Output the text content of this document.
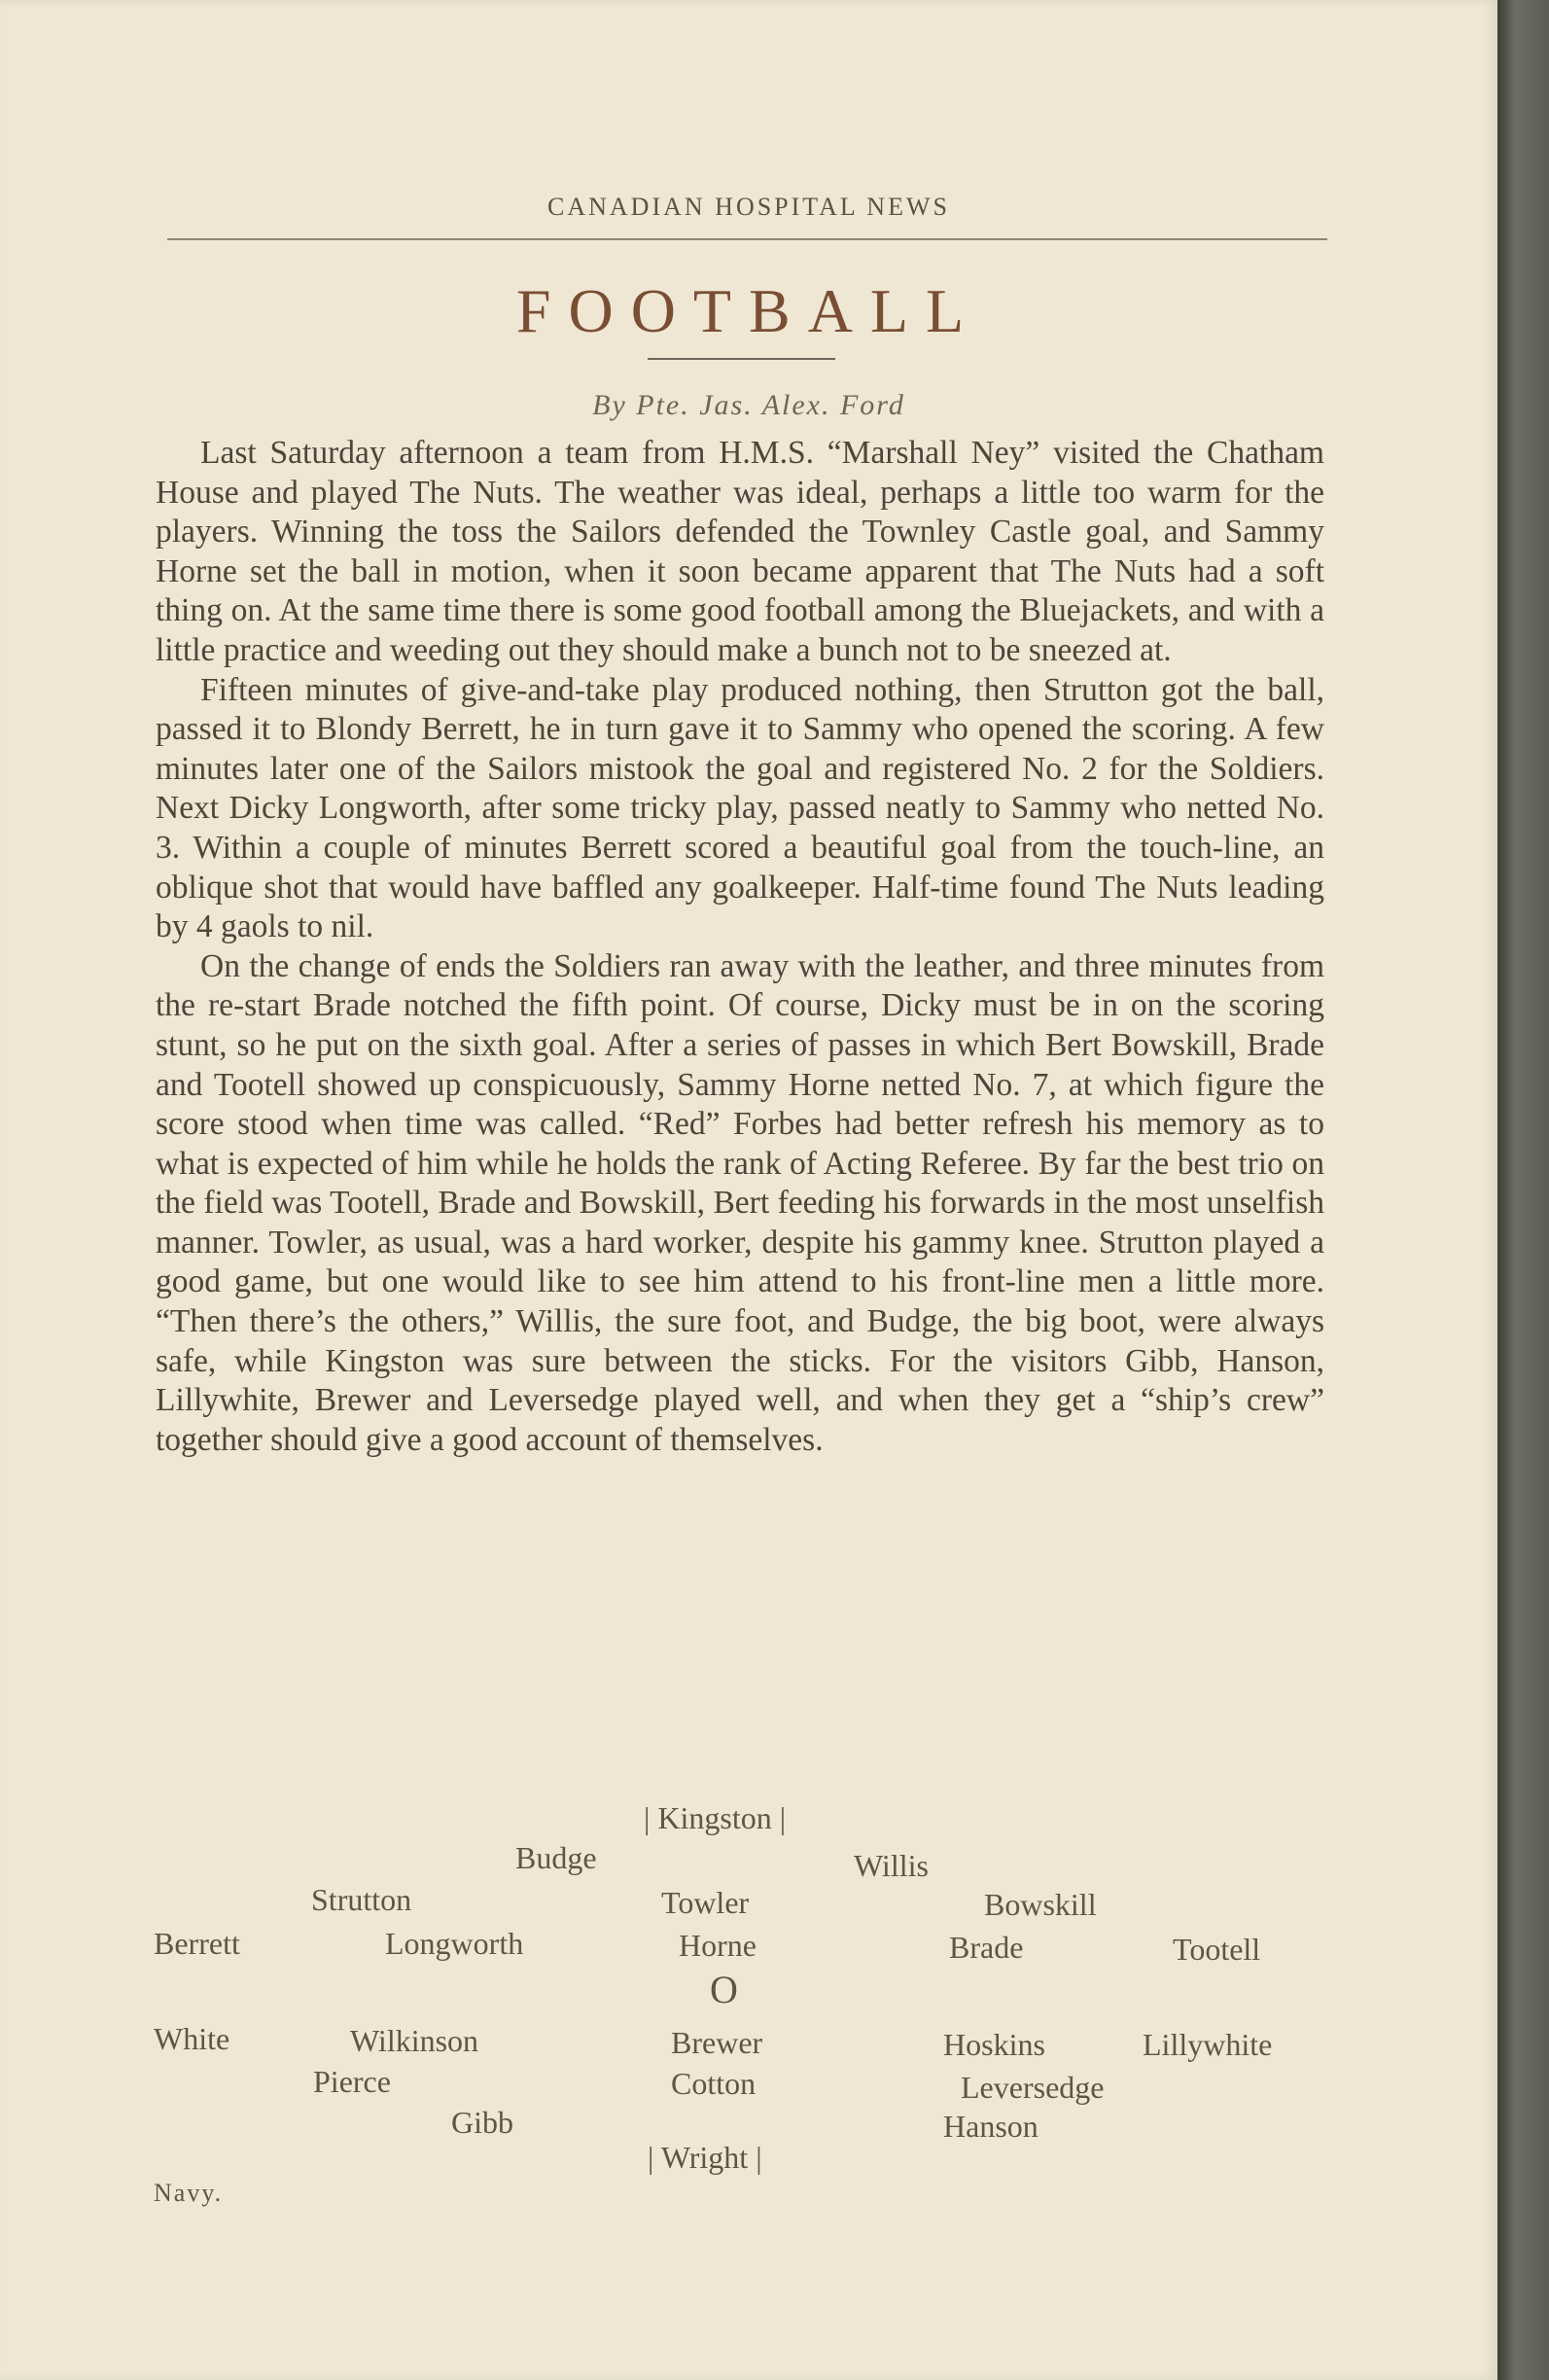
CANADIAN HOSPITAL NEWS
FOOTBALL
By Pte. Jas. Alex. Ford

Last Saturday afternoon a team from H.M.S. “Marshall Ney” visited the Chatham House and played The Nuts. The weather was ideal, perhaps a little too warm for the players. Winning the toss the Sailors defended the Townley Castle goal, and Sammy Horne set the ball in motion, when it soon became apparent that The Nuts had a soft thing on. At the same time there is some good football among the Bluejackets, and with a little practice and weeding out they should make a bunch not to be sneezed at.

Fifteen minutes of give-and-take play produced nothing, then Strutton got the ball, passed it to Blondy Berrett, he in turn gave it to Sammy who opened the scoring. A few minutes later one of the Sailors mistook the goal and registered No. 2 for the Soldiers. Next Dicky Longworth, after some tricky play, passed neatly to Sammy who netted No. 3. Within a couple of minutes Berrett scored a beautiful goal from the touch-line, an oblique shot that would have baffled any goalkeeper. Half-time found The Nuts leading by 4 gaols to nil.

On the change of ends the Soldiers ran away with the leather, and three minutes from the re-start Brade notched the fifth point. Of course, Dicky must be in on the scoring stunt, so he put on the sixth goal. After a series of passes in which Bert Bowskill, Brade and Tootell showed up conspicuously, Sammy Horne netted No. 7, at which figure the score stood when time was called. “Red” Forbes had better refresh his memory as to what is expected of him while he holds the rank of Acting Referee. By far the best trio on the field was Tootell, Brade and Bowskill, Bert feeding his forwards in the most unselfish manner. Towler, as usual, was a hard worker, despite his gammy knee. Strutton played a good game, but one would like to see him attend to his front-line men a little more. “Then there’s the others,” Willis, the sure foot, and Budge, the big boot, were always safe, while Kingston was sure between the sticks. For the visitors Gibb, Hanson, Lillywhite, Brewer and Leversedge played well, and when they get a “ship’s crew” together should give a good account of themselves.

| Kingston |
Budge	Willis
Strutton	Towler	Bowskill
Berrett	Longworth	Horne	Brade	Tootell
O
White	Wilkinson	Brewer	Hoskins	Lillywhite
Pierce	Cotton	Leversedge
Gibb	Hanson
| Wright |
Navy.
